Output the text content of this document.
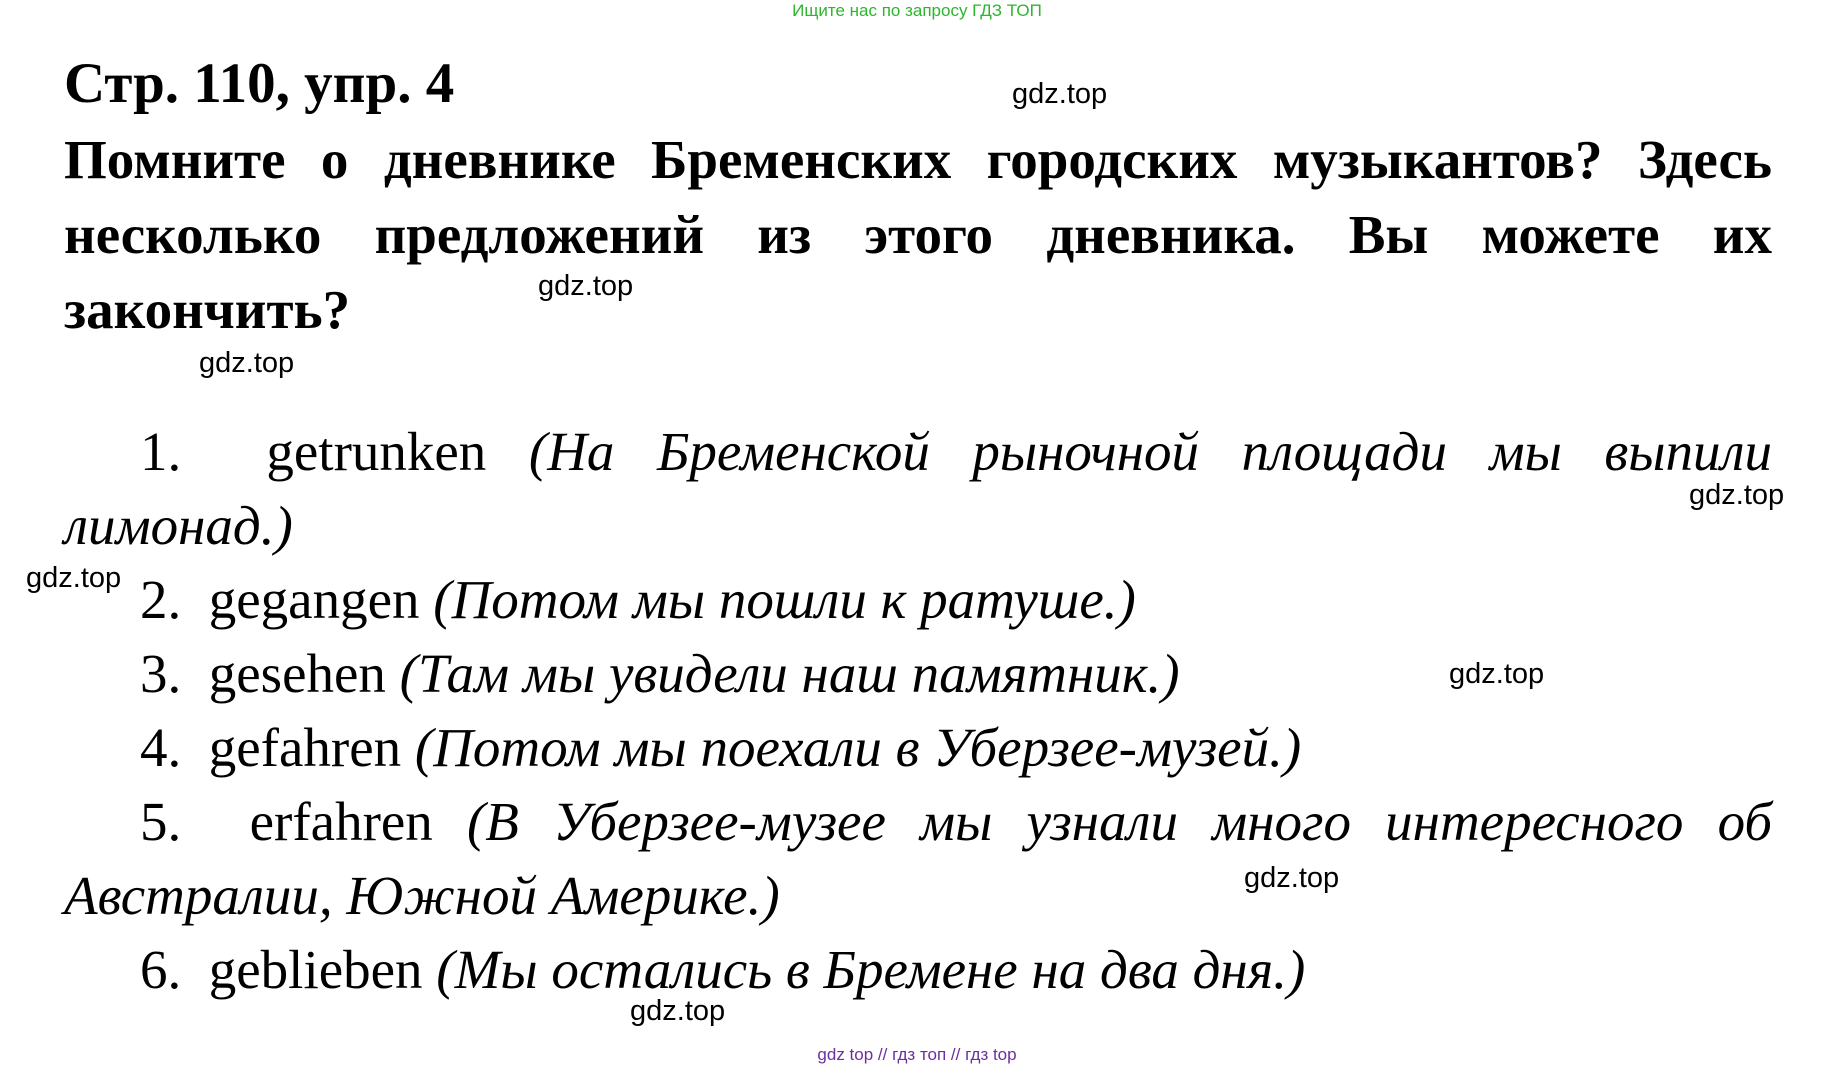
Ищите нас по запросу ГДЗ ТОП
Стр. 110, упр. 4

Помните о дневнике Бременских городских музыкантов? Здесь несколько предложений из этого дневника. Вы можете их закончить?

1. getrunken (На Бременской рыночной площади мы выпили лимонад.)
2. gegangen (Потом мы пошли к ратуше.)
3. gesehen (Там мы увидели наш памятник.)
4. gefahren (Потом мы поехали в Уберзее-музей.)
5. erfahren (В Уберзее-музее мы узнали много интересного об Австралии, Южной Америке.)
6. geblieben (Мы остались в Бремене на два дня.)
gdz.top
gdz.top
gdz.top
gdz.top
gdz.top
gdz.top
gdz.top
gdz.top
gdz top // гдз топ // гдз top
